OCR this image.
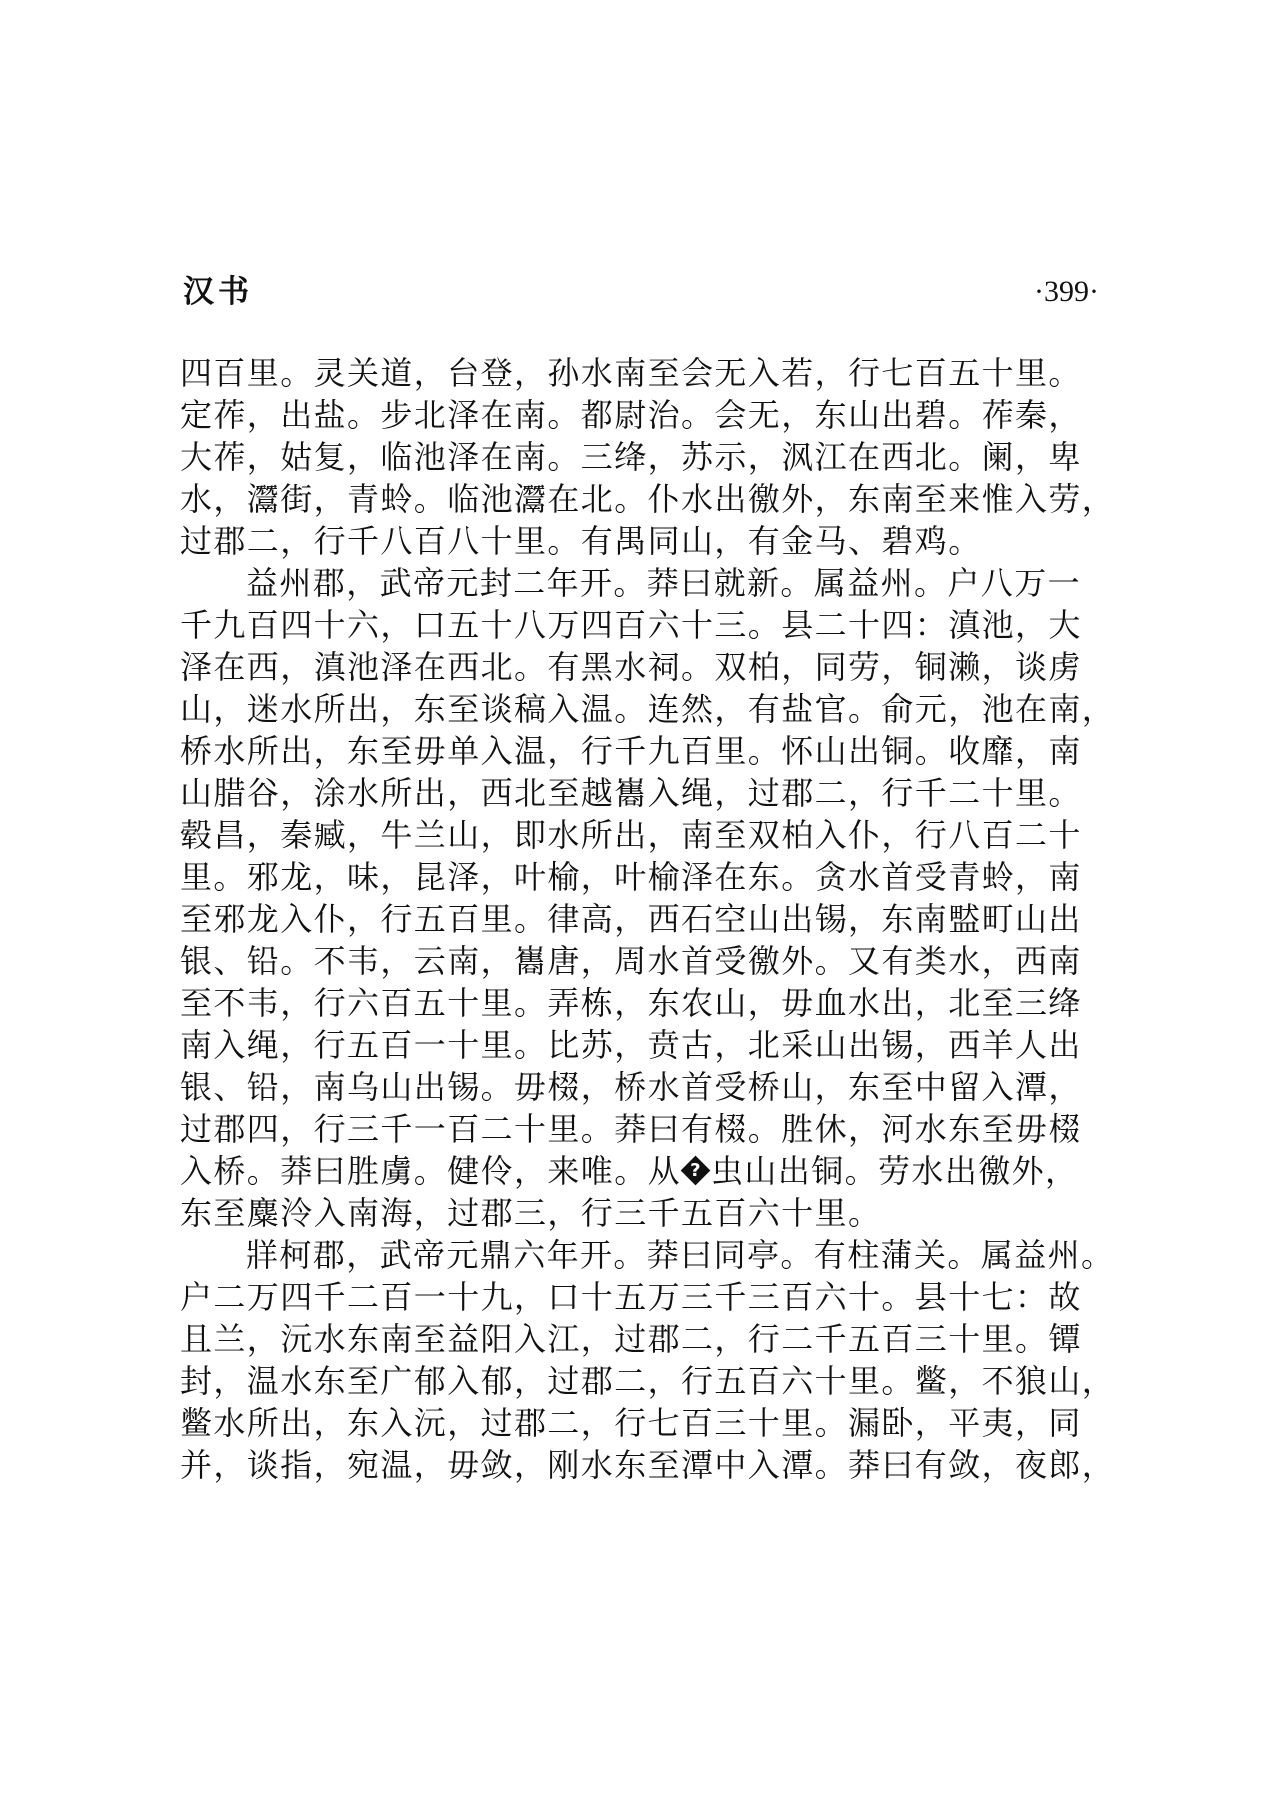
汉书	·399·
四百里。灵关道，台登，孙水南至会无入若，行七百五十里。
定莋，出盐。步北泽在南。都尉治。会无，东山出碧。莋秦，
大莋，姑复，临池泽在南。三绛，苏示，沨江在西北。阑，卑
水，灊街，青蛉。临池灊在北。仆水出徼外，东南至来惟入劳，
过郡二，行千八百八十里。有禺同山，有金马、碧鸡。
益州郡，武帝元封二年开。莽曰就新。属益州。户八万一
千九百四十六，口五十八万四百六十三。县二十四：滇池，大
泽在西，滇池泽在西北。有黑水祠。双柏，同劳，铜濑，谈虏
山，迷水所出，东至谈稿入温。连然，有盐官。俞元，池在南，
桥水所出，东至毋单入温，行千九百里。怀山出铜。收靡，南
山腊谷，涂水所出，西北至越巂入绳，过郡二，行千二十里。
毂昌，秦臧，牛兰山，即水所出，南至双柏入仆，行八百二十
里。邪龙，味，昆泽，叶榆，叶榆泽在东。贪水首受青蛉，南
至邪龙入仆，行五百里。律高，西石空山出锡，东南盢町山出
银、铅。不韦，云南，巂唐，周水首受徼外。又有类水，西南
至不韦，行六百五十里。弄栋，东农山，毋血水出，北至三绛
南入绳，行五百一十里。比苏，贲古，北采山出锡，西羊人出
银、铅，南乌山出锡。毋棳，桥水首受桥山，东至中留入潭，
过郡四，行三千一百二十里。莽曰有棳。胜休，河水东至毋棳
入桥。莽曰胜虜。健伶，来唯。从? 虫山出铜。劳水出徼外，
东至麋泠入南海，过郡三，行三千五百六十里。
牂柯郡，武帝元鼎六年开。莽曰同亭。有柱蒲关。属益州。
户二万四千二百一十九，口十五万三千三百六十。县十七：故
且兰，沅水东南至益阳入江，过郡二，行二千五百三十里。镡
封，温水东至广郁入郁，过郡二，行五百六十里。鳖，不狼山，
鳖水所出，东入沅，过郡二，行七百三十里。漏卧，平夷，同
并，谈指，宛温，毋敛，刚水东至潭中入潭。莽曰有敛，夜郎，
